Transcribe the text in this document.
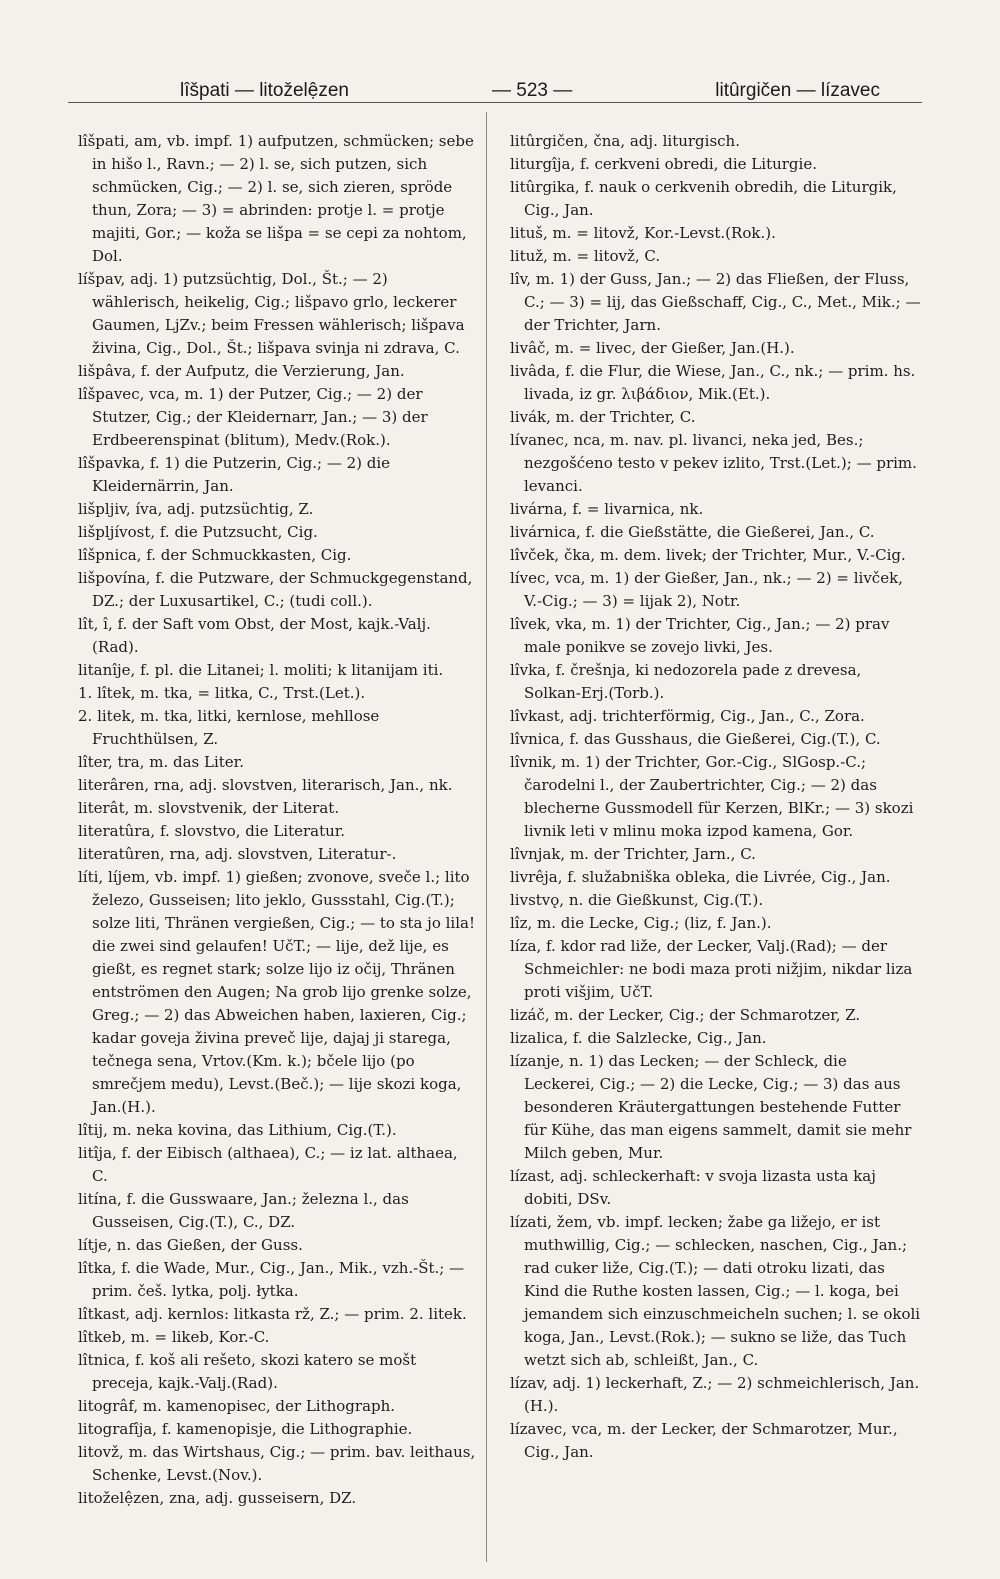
lîšpati — litoželệzen	— 523 —	litûrgičen — lízavec
lîšpati, am, vb. impf. 1) aufputzen, schmücken; sebe in hišo l., Ravn.; — 2) l. se, sich putzen, sich schmücken, Cig.; — 2) l. se, sich zieren, spröde thun, Zora; — 3) = abrinden: protje l. = protje majiti, Gor.; — koža se lišpa = se cepi za nohtom, Dol.
líšpav, adj. 1) putzsüchtig, Dol., Št.; — 2) wählerisch, heikelig, Cig.; lišpavo grlo, leckerer Gaumen, LjZv.; beim Fressen wählerisch; lišpava živina, Cig., Dol., Št.; lišpava svinja ni zdrava, C.
lišpâva, f. der Aufputz, die Verzierung, Jan.
lîšpavec, vca, m. 1) der Putzer, Cig.; — 2) der Stutzer, Cig.; der Kleidernarr, Jan.; — 3) der Erdbeerenspinat (blitum), Medv.(Rok.).
lîšpavka, f. 1) die Putzerin, Cig.; — 2) die Kleidernärrin, Jan.
lišpljiv, íva, adj. putzsüchtig, Z.
lišpljívost, f. die Putzsucht, Cig.
lîšpnica, f. der Schmuckkasten, Cig.
lišpovína, f. die Putzware, der Schmuckgegenstand, DZ.; der Luxusartikel, C.; (tudi coll.).
lît, î, f. der Saft vom Obst, der Most, kajk.-Valj.(Rad).
litanîje, f. pl. die Litanei; l. moliti; k litanijam iti.
1. lîtek, m. tka, = litka, C., Trst.(Let.).
2. litek, m. tka, litki, kernlose, mehllose Fruchthülsen, Z.
lîter, tra, m. das Liter.
literâren, rna, adj. slovstven, literarisch, Jan., nk.
literât, m. slovstvenik, der Literat.
literatûra, f. slovstvo, die Literatur.
literatûren, rna, adj. slovstven, Literatur-.
líti, líjem, vb. impf. 1) gießen; zvonove, sveče l.; lito železo, Gusseisen; lito jeklo, Gussstahl, Cig.(T.); solze liti, Thränen vergießen, Cig.; — to sta jo lila! die zwei sind gelaufen! UčT.; — lije, dež lije, es gießt, es regnet stark; solze lijo iz očij, Thränen entströmen den Augen; Na grob lijo grenke solze, Greg.; — 2) das Abweichen haben, laxieren, Cig.; kadar goveja živina preveč lije, dajaj ji starega, tečnega sena, Vrtov.(Km. k.); bčele lijo (po smrečjem medu), Levst.(Beč.); — lije skozi koga, Jan.(H.).
lîtij, m. neka kovina, das Lithium, Cig.(T.).
litîja, f. der Eibisch (althaea), C.; — iz lat. althaea, C.
litína, f. die Gusswaare, Jan.; železna l., das Gusseisen, Cig.(T.), C., DZ.
lítje, n. das Gießen, der Guss.
lîtka, f. die Wade, Mur., Cig., Jan., Mik., vzh.-Št.; — prim. češ. lytka, polj. łytka.
lîtkast, adj. kernlos: litkasta rž, Z.; — prim. 2. litek.
lîtkeb, m. = likeb, Kor.-C.
lîtnica, f. koš ali rešeto, skozi katero se mošt preceja, kajk.-Valj.(Rad).
litogrâf, m. kamenopisec, der Lithograph.
litografîja, f. kamenopisje, die Lithographie.
litovž, m. das Wirtshaus, Cig.; — prim. bav. leithaus, Schenke, Levst.(Nov.).
litoželệzen, zna, adj. gusseisern, DZ.
litûrgičen, čna, adj. liturgisch.
liturgîja, f. cerkveni obredi, die Liturgie.
litûrgika, f. nauk o cerkvenih obredih, die Liturgik, Cig., Jan.
lituš, m. = litovž, Kor.-Levst.(Rok.).
lituž, m. = litovž, C.
lîv, m. 1) der Guss, Jan.; — 2) das Fließen, der Fluss, C.; — 3) = lij, das Gießschaff, Cig., C., Met., Mik.; — der Trichter, Jarn.
livâč, m. = livec, der Gießer, Jan.(H.).
livâda, f. die Flur, die Wiese, Jan., C., nk.; — prim. hs. livada, iz gr. λιβάδιον, Mik.(Et.).
livák, m. der Trichter, C.
lívanec, nca, m. nav. pl. livanci, neka jed, Bes.; nezgošćeno testo v pekev izlito, Trst.(Let.); — prim. levanci.
livárna, f. = livarnica, nk.
livárnica, f. die Gießstätte, die Gießerei, Jan., C.
lîvček, čka, m. dem. livek; der Trichter, Mur., V.-Cig.
lívec, vca, m. 1) der Gießer, Jan., nk.; — 2) = livček, V.-Cig.; — 3) = lijak 2), Notr.
lîvek, vka, m. 1) der Trichter, Cig., Jan.; — 2) prav male ponikve se zovejo livki, Jes.
lîvka, f. črešnja, ki nedozorela pade z drevesa, Solkan-Erj.(Torb.).
lîvkast, adj. trichterförmig, Cig., Jan., C., Zora.
lîvnica, f. das Gusshaus, die Gießerei, Cig.(T.), C.
lîvnik, m. 1) der Trichter, Gor.-Cig., SlGosp.-C.; čarodelni l., der Zaubertrichter, Cig.; — 2) das blecherne Gussmodell für Kerzen, BlKr.; — 3) skozi livnik leti v mlinu moka izpod kamena, Gor.
lîvnjak, m. der Trichter, Jarn., C.
livrêja, f. služabniška obleka, die Livrée, Cig., Jan.
livstvǫ, n. die Gießkunst, Cig.(T.).
lîz, m. die Lecke, Cig.; (liz, f. Jan.).
líza, f. kdor rad liže, der Lecker, Valj.(Rad); — der Schmeichler: ne bodi maza proti nižjim, nikdar liza proti višjim, UčT.
lizáč, m. der Lecker, Cig.; der Schmarotzer, Z.
lizalica, f. die Salzlecke, Cig., Jan.
lízanje, n. 1) das Lecken; — der Schleck, die Leckerei, Cig.; — 2) die Lecke, Cig.; — 3) das aus besonderen Kräutergattungen bestehende Futter für Kühe, das man eigens sammelt, damit sie mehr Milch geben, Mur.
lízast, adj. schleckerhaft: v svoja lizasta usta kaj dobiti, DSv.
lízati, žem, vb. impf. lecken; žabe ga ližejo, er ist muthwillig, Cig.; — schlecken, naschen, Cig., Jan.; rad cuker liže, Cig.(T.); — dati otroku lizati, das Kind die Ruthe kosten lassen, Cig.; — l. koga, bei jemandem sich einzuschmeicheln suchen; l. se okoli koga, Jan., Levst.(Rok.); — sukno se liže, das Tuch wetzt sich ab, schleißt, Jan., C.
lízav, adj. 1) leckerhaft, Z.; — 2) schmeichlerisch, Jan.(H.).
lízavec, vca, m. der Lecker, der Schmarotzer, Mur., Cig., Jan.
